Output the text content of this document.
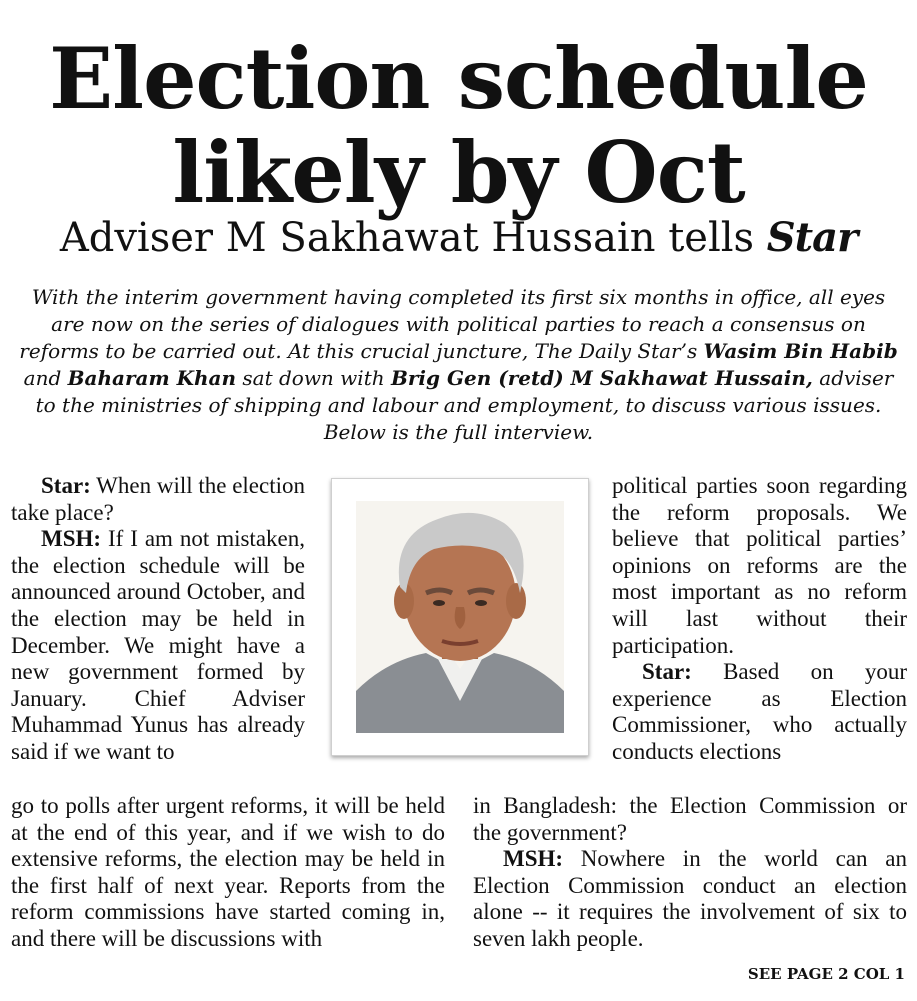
Election schedule
likely by Oct
Adviser M Sakhawat Hussain tells Star
With the interim government having completed its first six months in office, all eyes are now on the series of dialogues with political parties to reach a consensus on reforms to be carried out. At this crucial juncture, The Daily Star’s Wasim Bin Habib and Baharam Khan sat down with Brig Gen (retd) M Sakhawat Hussain, adviser to the ministries of shipping and labour and employment, to discuss various issues. Below is the full interview.

Star: When will the election take place?

MSH: If I am not mistaken, the election schedule will be announced around October, and the election may be held in December. We might have a new government formed by January. Chief Adviser Muhammad Yunus has already said if we want to

go to polls after urgent reforms, it will be held at the end of this year, and if we wish to do extensive reforms, the election may be held in the first half of next year. Reports from the reform commissions have started coming in, and there will be discussions with

political parties soon regarding the reform proposals. We believe that political parties’ opinions on reforms are the most important as no reform will last without their participation.

Star: Based on your experience as Election Commissioner, who actually conducts elections

in Bangladesh: the Election Commission or the government?

MSH: Nowhere in the world can an Election Commission conduct an election alone -- it requires the involvement of six to seven lakh people.

SEE PAGE 2 COL 1
